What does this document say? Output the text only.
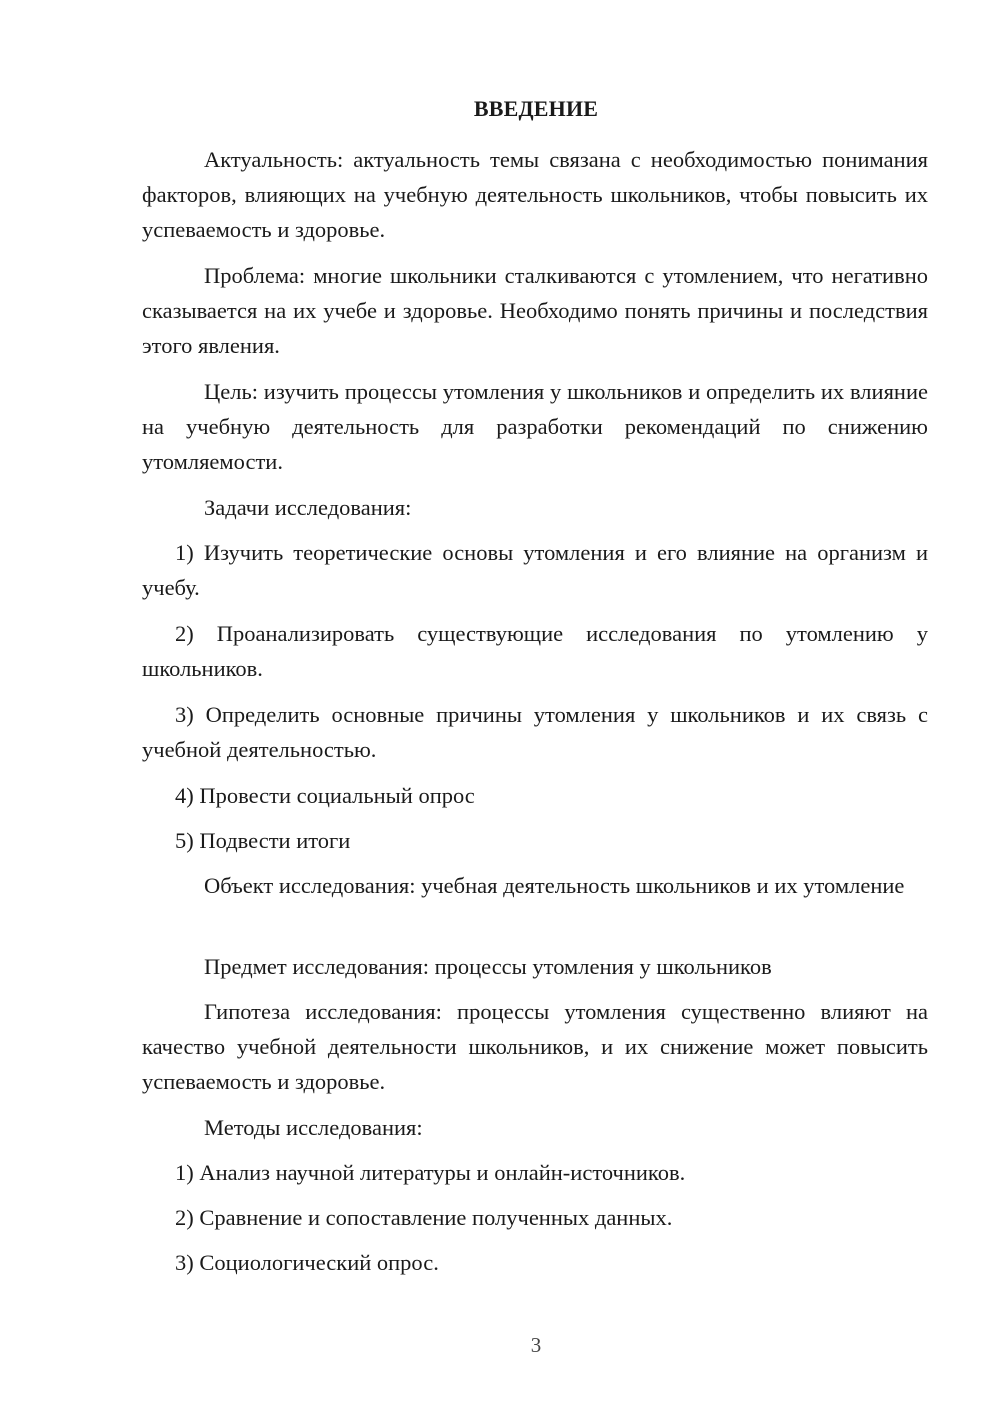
ВВЕДЕНИЕ

Актуальность: актуальность темы связана с необходимостью понимания факторов, влияющих на учебную деятельность школьников, чтобы повысить их успеваемость и здоровье.

Проблема: многие школьники сталкиваются с утомлением, что негативно сказывается на их учебе и здоровье. Необходимо понять причины и последствия этого явления.

Цель: изучить процессы утомления у школьников и определить их влияние на учебную деятельность для разработки рекомендаций по снижению утомляемости.

Задачи исследования:

1) Изучить теоретические основы утомления и его влияние на организм и учебу.

2) Проанализировать существующие исследования по утомлению у школьников.

3) Определить основные причины утомления у школьников и их связь с учебной деятельностью.

4) Провести социальный опрос

5) Подвести итоги

Объект исследования: учебная деятельность школьников и их утомление

Предмет исследования: процессы утомления у школьников

Гипотеза исследования: процессы утомления существенно влияют на качество учебной деятельности школьников, и их снижение может повысить успеваемость и здоровье.

Методы исследования:

1) Анализ научной литературы и онлайн-источников.

2) Сравнение и сопоставление полученных данных.

3) Социологический опрос.

3
